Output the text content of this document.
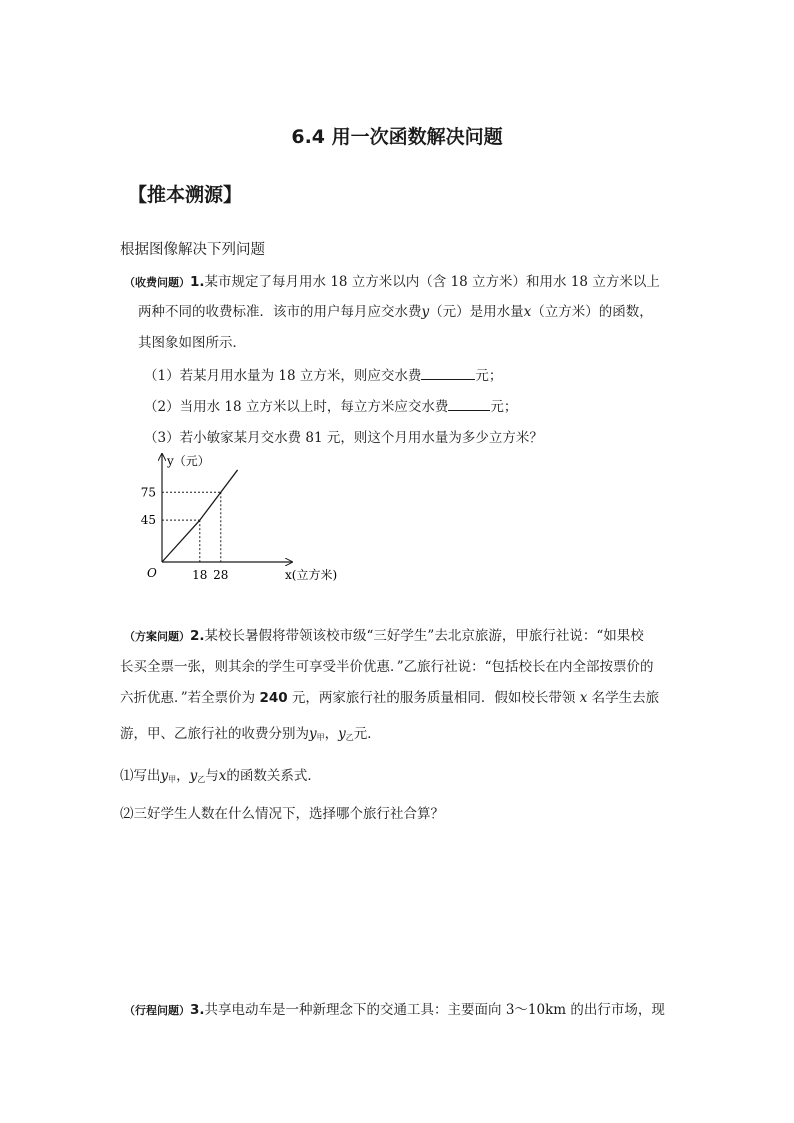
6.4 用一次函数解决问题
【推本溯源】
根据图像解决下列问题
（收费问题）1.某市规定了每月用水 18 立方米以内（含 18 立方米）和用水 18 立方米以上
两种不同的收费标准．该市的用户每月应交水费y（元）是用水量x（立方米）的函数，
其图象如图所示．
（1）若某月用水量为 18 立方米，则应交水费	元；
（2）当用水 18 立方米以上时，每立方米应交水费	元；
（3）若小敏家某月交水费 81 元，则这个月用水量为多少立方米？
y（元）
x(立方米)
O	18 28
45
75
（方案问题）2.某校长暑假将带领该校市级“三好学生”去北京旅游，甲旅行社说：“如果校
长买全票一张，则其余的学生可享受半价优惠．”乙旅行社说：“包括校长在内全部按票价的
六折优惠．”若全票价为 240 元，两家旅行社的服务质量相同．假如校长带领 x 名学生去旅
游，甲、乙旅行社的收费分别为$y_甲$，$y_乙$元．
⑴写出$y_甲$，$y_乙$与x的函数关系式．
⑵三好学生人数在什么情况下，选择哪个旅行社合算？
（行程问题）3.共享电动车是一种新理念下的交通工具：主要面向 3～10km 的出行市场，现
